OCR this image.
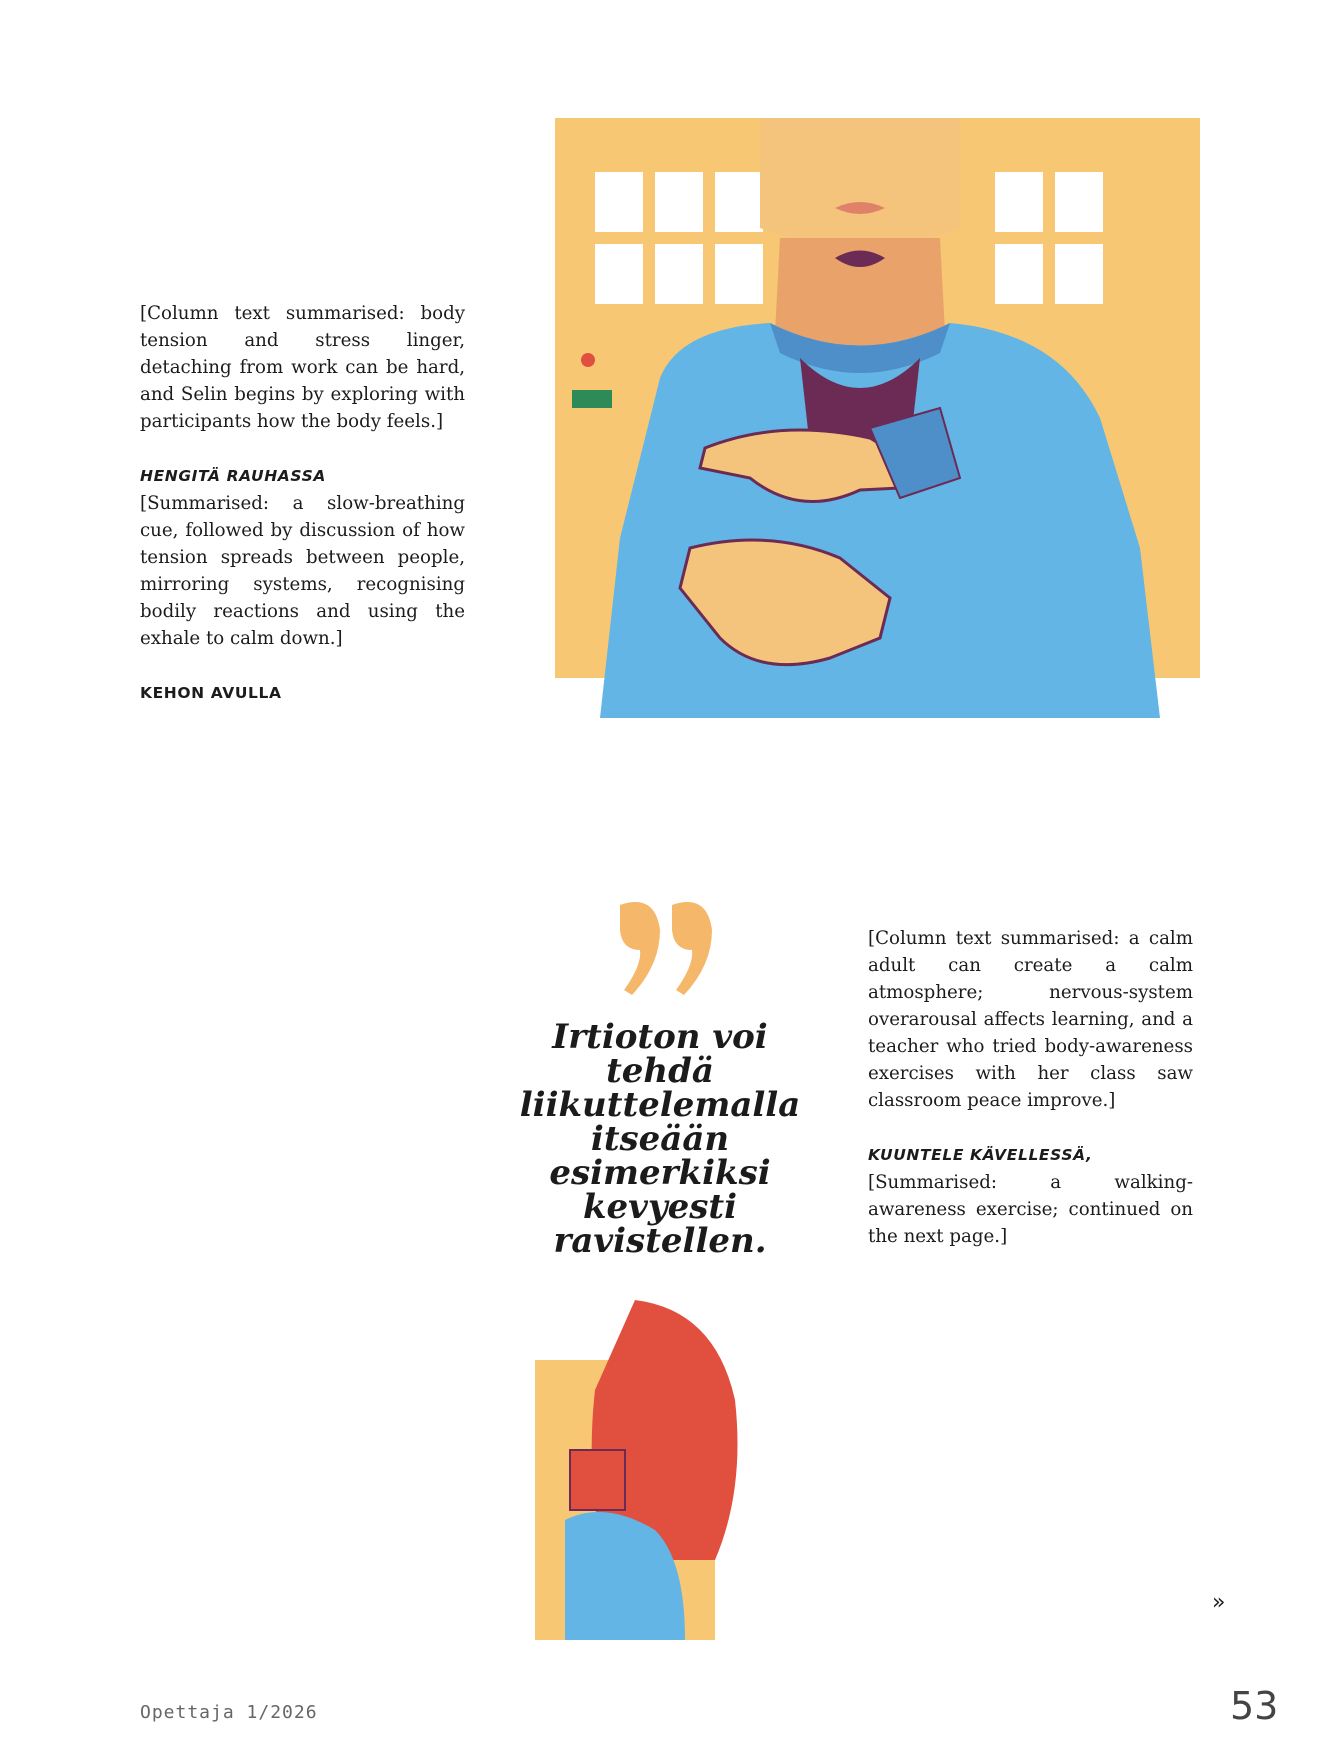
[Column text summarised: body tension and stress linger, detaching from work can be hard, and Selin begins by exploring with participants how the body feels.]

HENGITÄ RAUHASSA

[Summarised: a slow-breathing cue, followed by discussion of how tension spreads between people, mirroring systems, recognising bodily reactions and using the exhale to calm down.]

KEHON AVULLA

Irtioton voi tehdä liikuttelemalla itseään esimerkiksi kevyesti ravistellen.

[Column text summarised: a calm adult can create a calm atmosphere; nervous-system overarousal affects learning, and a teacher who tried body-awareness exercises with her class saw classroom peace improve.]

KUUNTELE KÄVELLESSÄ,

[Summarised: a walking-awareness exercise; continued on the next page.]

»
Opettaja 1/2026	53
